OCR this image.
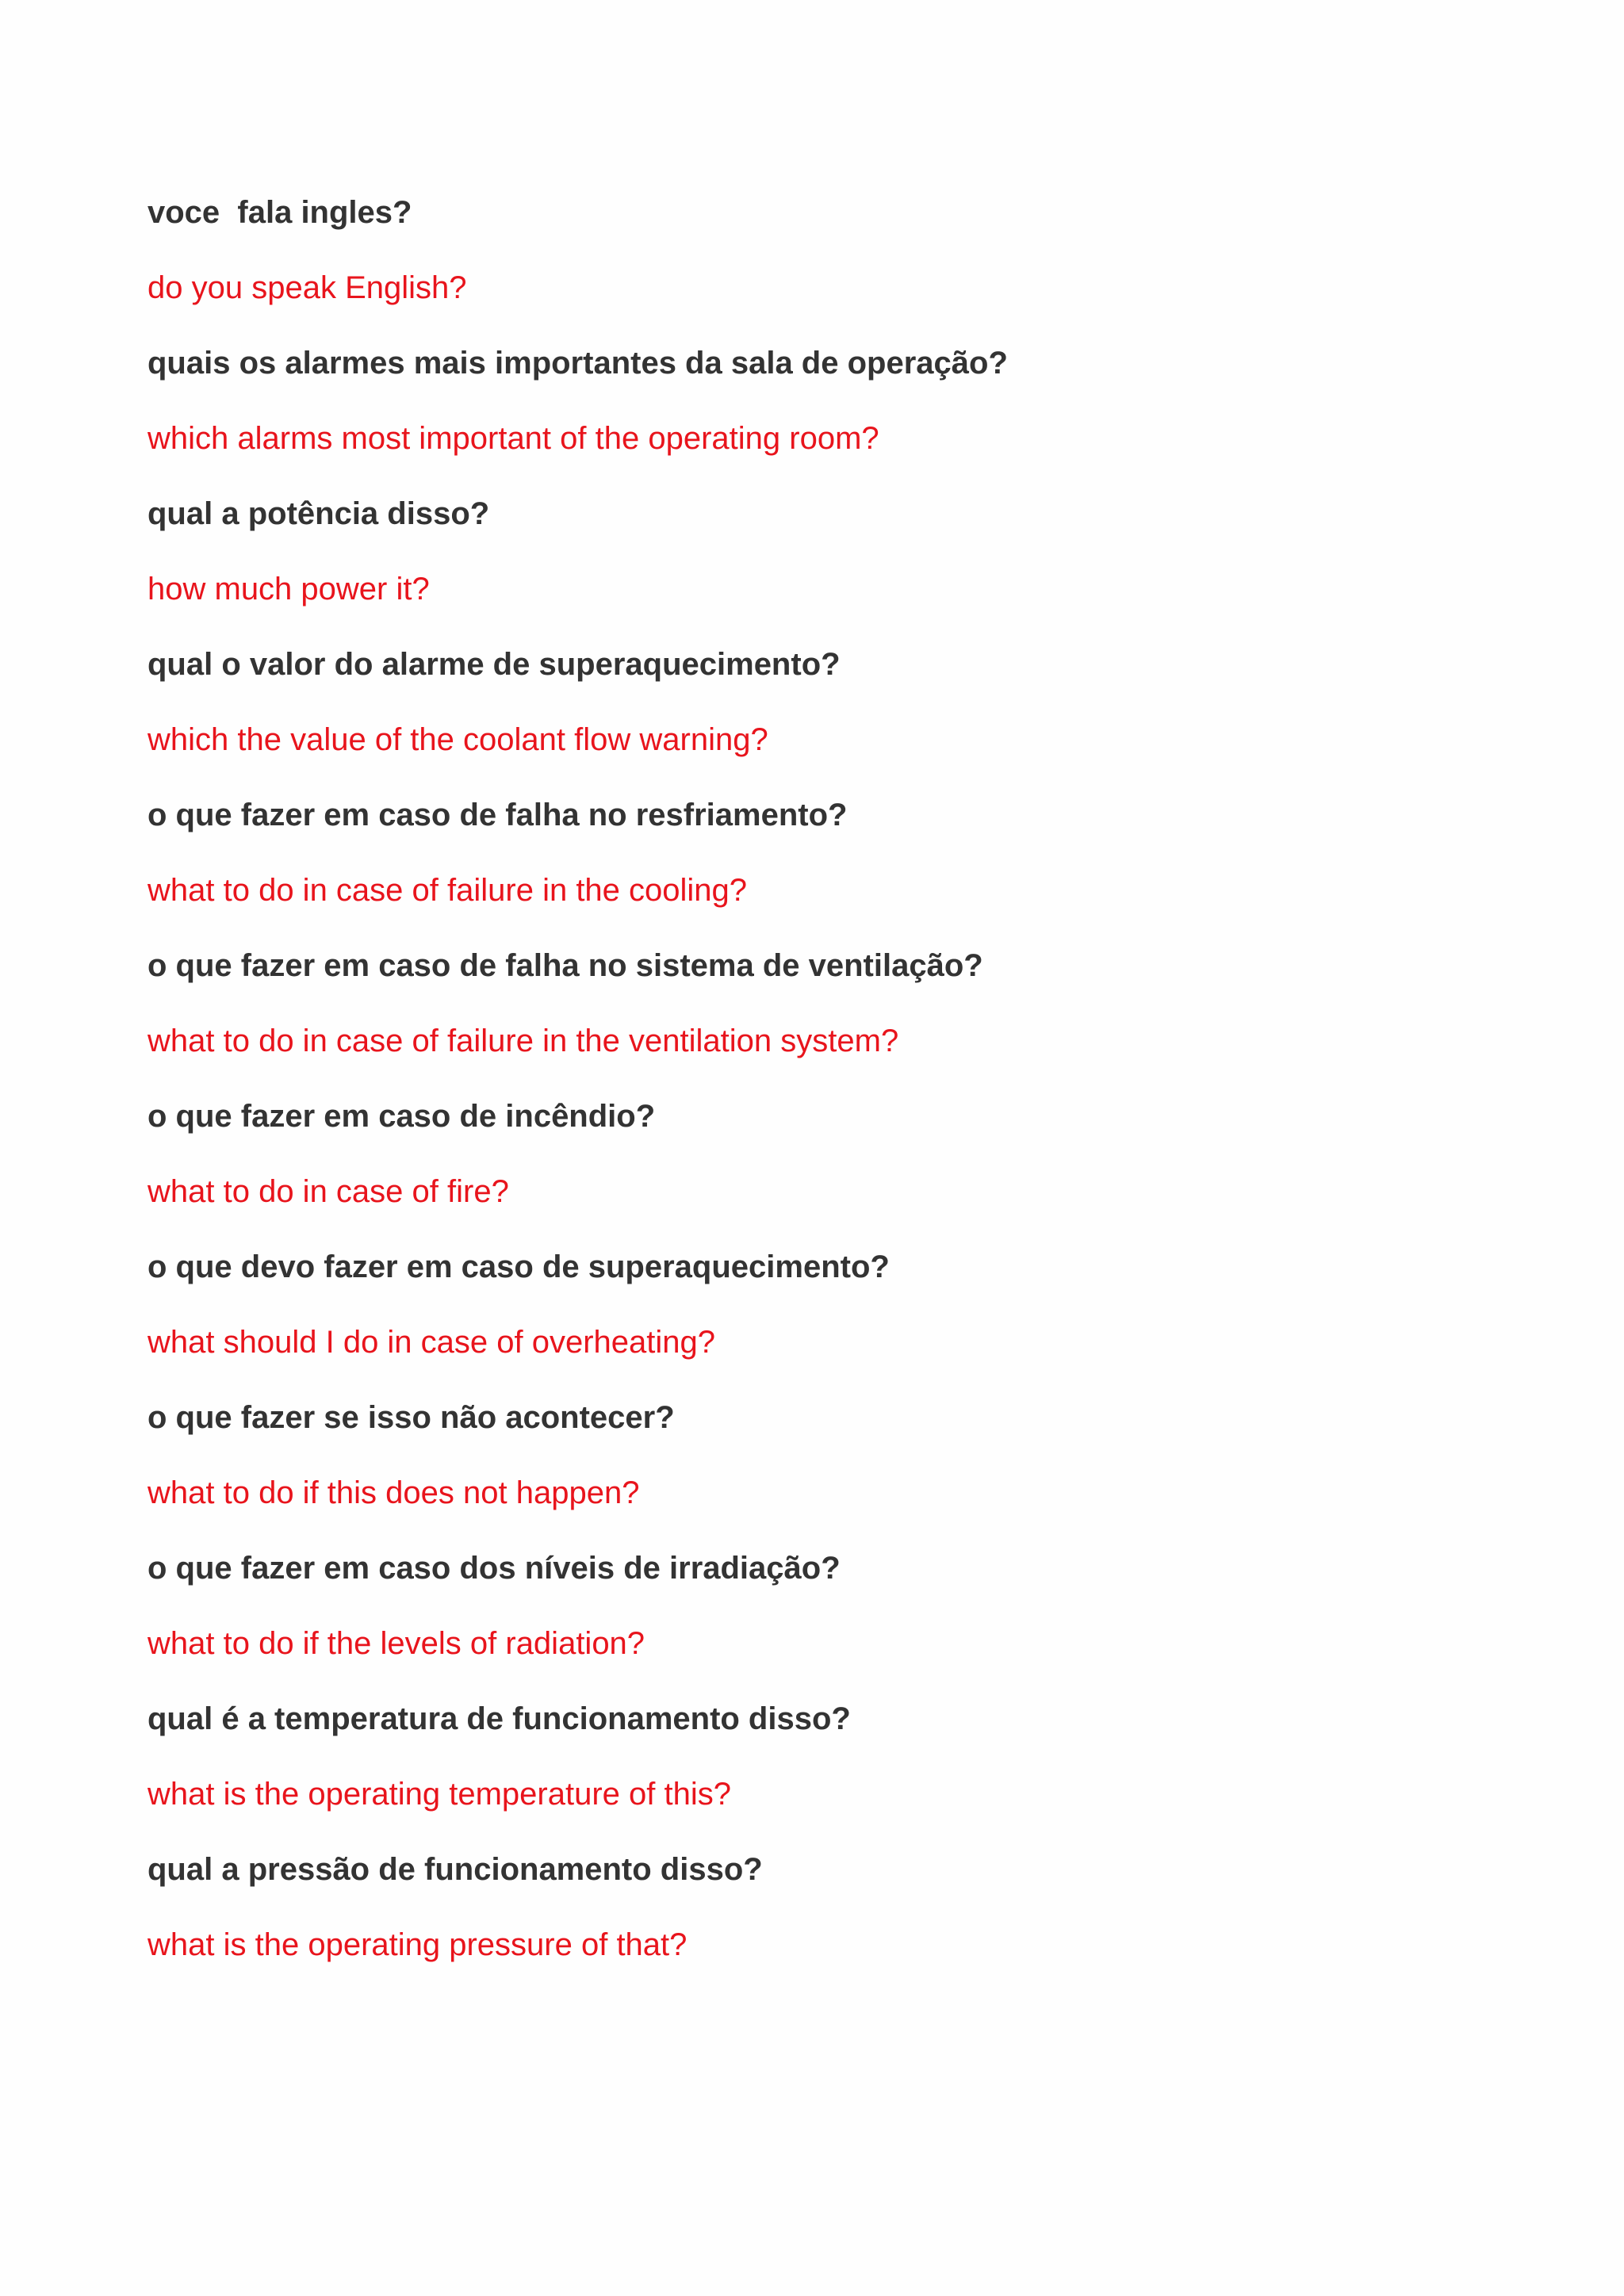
voce  fala ingles?
do you speak English?
quais os alarmes mais importantes da sala de operação?
which alarms most important of the operating room?
qual a potência disso?
how much power it?
qual o valor do alarme de superaquecimento?
which the value of the coolant flow warning?
o que fazer em caso de falha no resfriamento?
what to do in case of failure in the cooling?
o que fazer em caso de falha no sistema de ventilação?
what to do in case of failure in the ventilation system?
o que fazer em caso de incêndio?
what to do in case of fire?
o que devo fazer em caso de superaquecimento?
what should I do in case of overheating?
o que fazer se isso não acontecer?
what to do if this does not happen?
o que fazer em caso dos níveis de irradiação?
what to do if the levels of radiation?
qual é a temperatura de funcionamento disso?
what is the operating temperature of this?
qual a pressão de funcionamento disso?
what is the operating pressure of that?
